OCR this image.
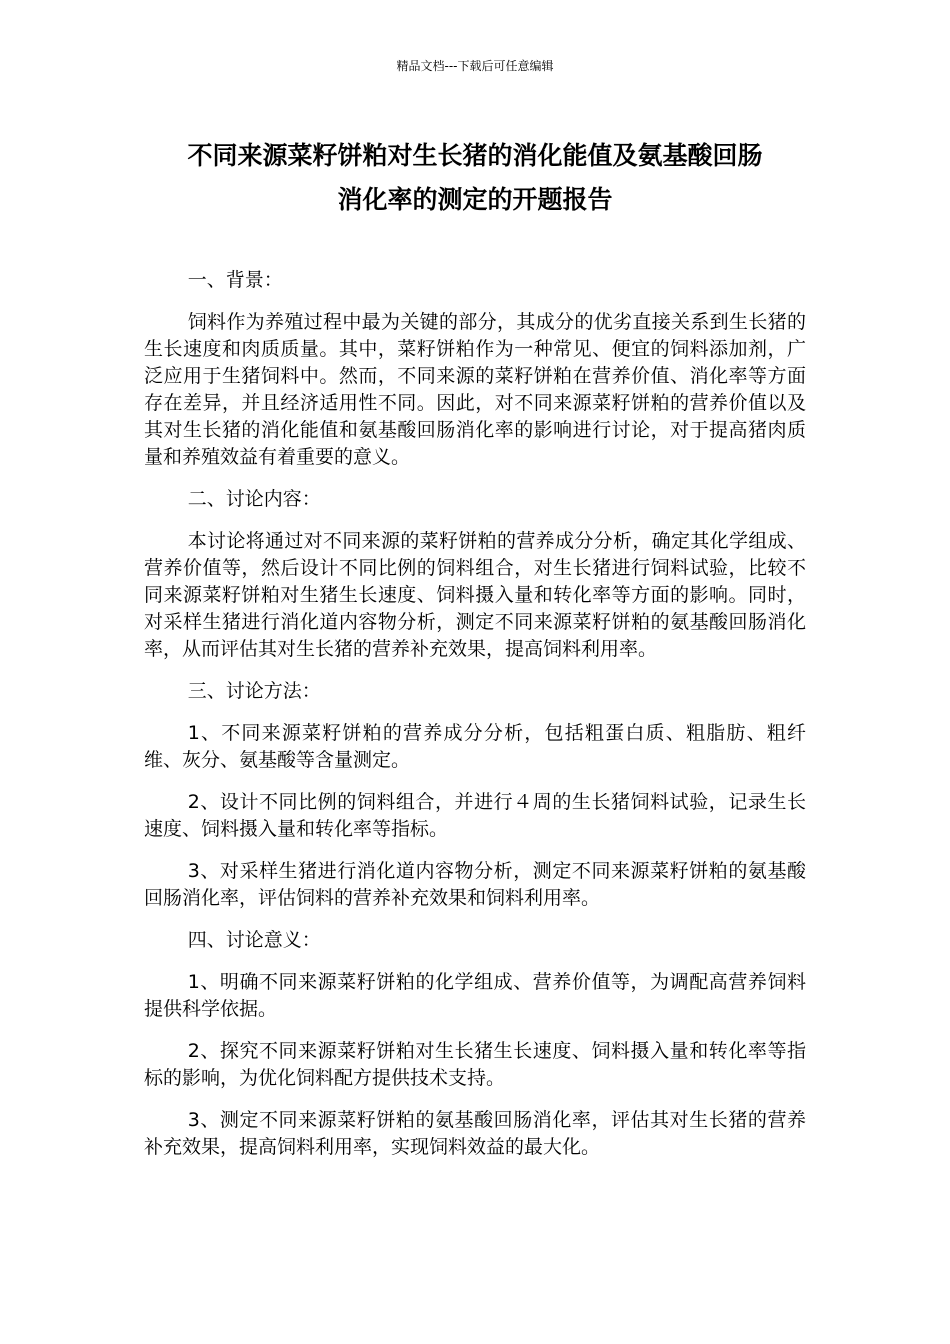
精品文档---下载后可任意编辑
不同来源菜籽饼粕对生长猪的消化能值及氨基酸回肠
消化率的测定的开题报告

一、背景：

饲料作为养殖过程中最为关键的部分，其成分的优劣直接关系到生长猪的生长速度和肉质质量。其中，菜籽饼粕作为一种常见、便宜的饲料添加剂，广泛应用于生猪饲料中。然而，不同来源的菜籽饼粕在营养价值、消化率等方面存在差异，并且经济适用性不同。因此，对不同来源菜籽饼粕的营养价值以及其对生长猪的消化能值和氨基酸回肠消化率的影响进行讨论，对于提高猪肉质量和养殖效益有着重要的意义。

二、讨论内容：

本讨论将通过对不同来源的菜籽饼粕的营养成分分析，确定其化学组成、营养价值等，然后设计不同比例的饲料组合，对生长猪进行饲料试验，比较不同来源菜籽饼粕对生猪生长速度、饲料摄入量和转化率等方面的影响。同时，对采样生猪进行消化道内容物分析，测定不同来源菜籽饼粕的氨基酸回肠消化率，从而评估其对生长猪的营养补充效果，提高饲料利用率。

三、讨论方法：

1、不同来源菜籽饼粕的营养成分分析，包括粗蛋白质、粗脂肪、粗纤维、灰分、氨基酸等含量测定。

2、设计不同比例的饲料组合，并进行４周的生长猪饲料试验，记录生长速度、饲料摄入量和转化率等指标。

3、对采样生猪进行消化道内容物分析，测定不同来源菜籽饼粕的氨基酸回肠消化率，评估饲料的营养补充效果和饲料利用率。

四、讨论意义：

1、明确不同来源菜籽饼粕的化学组成、营养价值等，为调配高营养饲料提供科学依据。

2、探究不同来源菜籽饼粕对生长猪生长速度、饲料摄入量和转化率等指标的影响，为优化饲料配方提供技术支持。

3、测定不同来源菜籽饼粕的氨基酸回肠消化率，评估其对生长猪的营养补充效果，提高饲料利用率，实现饲料效益的最大化。
